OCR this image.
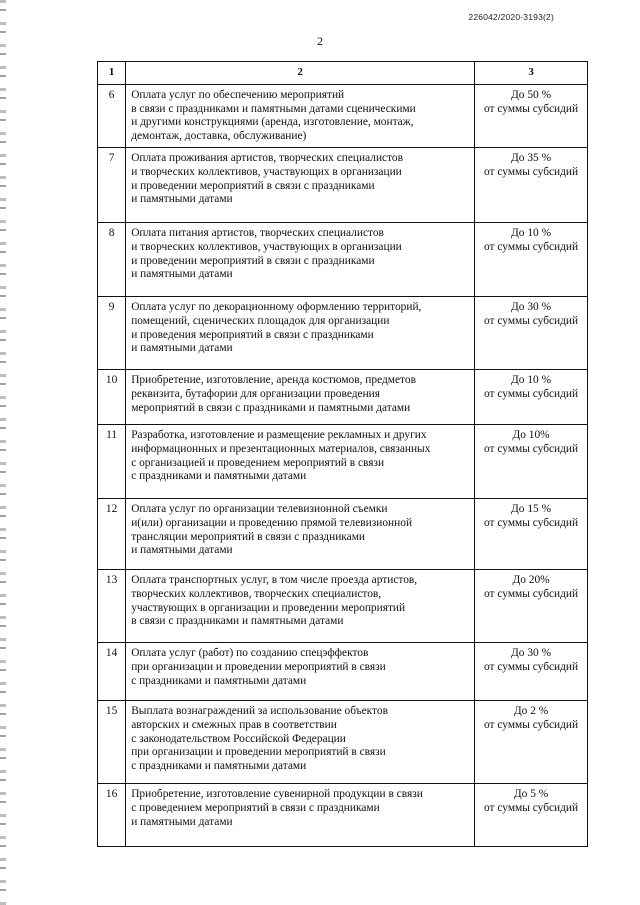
226042/2020-3193(2)
2
1	2	3
6	Оплата услуг по обеспечению мероприятий
в связи с праздниками и памятными датами сценическими
и другими конструкциями (аренда, изготовление, монтаж,
демонтаж, доставка, обслуживание)	До 50 %
от суммы субсидий

7	Оплата проживания артистов, творческих специалистов
и творческих коллективов, участвующих в организации
и проведении мероприятий в связи с праздниками
и памятными датами	До 35 %
от суммы субсидий

8	Оплата питания артистов, творческих специалистов
и творческих коллективов, участвующих в организации
и проведении мероприятий в связи с праздниками
и памятными датами	До 10 %
от суммы субсидий

9	Оплата услуг по декорационному оформлению территорий,
помещений, сценических площадок для организации
и проведения мероприятий в связи с праздниками
и памятными датами	До 30 %
от суммы субсидий

10	Приобретение, изготовление, аренда костюмов, предметов
реквизита, бутафории для организации проведения
мероприятий в связи с праздниками и памятными датами	До 10 %
от суммы субсидий

11	Разработка, изготовление и размещение рекламных и других
информационных и презентационных материалов, связанных
с организацией и проведением мероприятий в связи
с праздниками и памятными датами	До 10%
от суммы субсидий

12	Оплата услуг по организации телевизионной съемки
и(или) организации и проведению прямой телевизионной
трансляции мероприятий в связи с праздниками
и памятными датами	До 15 %
от суммы субсидий

13	Оплата транспортных услуг, в том числе проезда артистов,
творческих коллективов, творческих специалистов,
участвующих в организации и проведении мероприятий
в связи с праздниками и памятными датами	До 20%
от суммы субсидий

14	Оплата услуг (работ) по созданию спецэффектов
при организации и проведении мероприятий в связи
с праздниками и памятными датами	До 30 %
от суммы субсидий

15	Выплата вознаграждений за использование объектов
авторских и смежных прав в соответствии
с законодательством Российской Федерации
при организации и проведении мероприятий в связи
с праздниками и памятными датами	До 2 %
от суммы субсидий

16	Приобретение, изготовление сувенирной продукции в связи
с проведением мероприятий в связи с праздниками
и памятными датами	До 5 %
от суммы субсидий
